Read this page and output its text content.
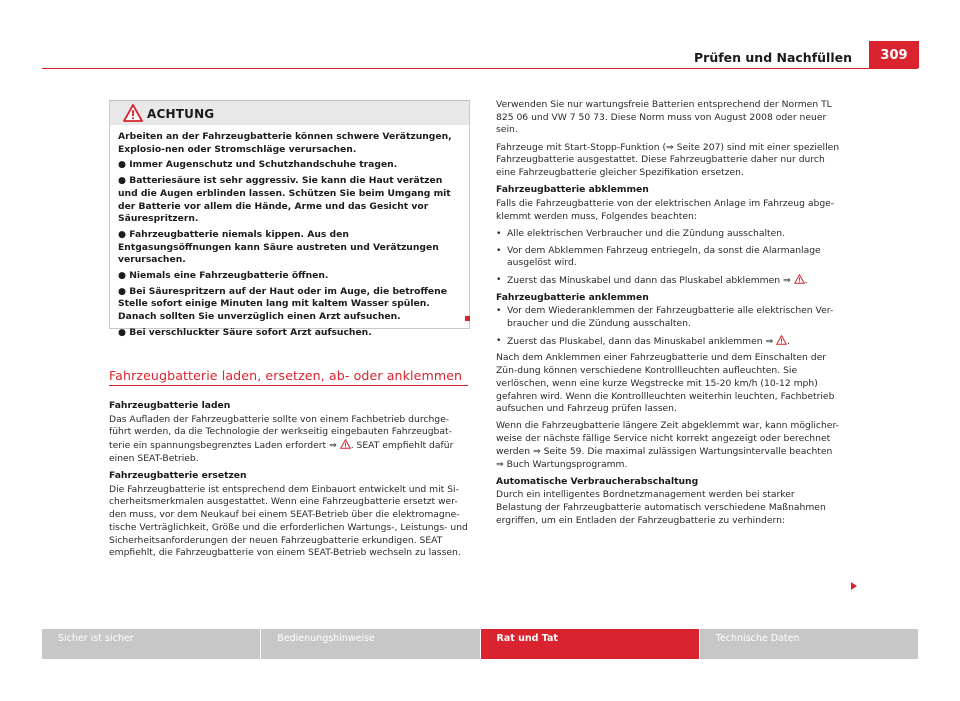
Prüfen und Nachfüllen	309
ACHTUNG

Arbeiten an der Fahrzeugbatterie können schwere Verätzungen, Explosio-nen oder Stromschläge verursachen.

● Immer Augenschutz und Schutzhandschuhe tragen.

● Batteriesäure ist sehr aggressiv. Sie kann die Haut verätzen und die Augen erblinden lassen. Schützen Sie beim Umgang mit der Batterie vor allem die Hände, Arme und das Gesicht vor Säurespritzern.

● Fahrzeugbatterie niemals kippen. Aus den Entgasungsöffnungen kann Säure austreten und Verätzungen verursachen.

● Niemals eine Fahrzeugbatterie öffnen.

● Bei Säurespritzern auf der Haut oder im Auge, die betroffene Stelle sofort einige Minuten lang mit kaltem Wasser spülen. Danach sollten Sie unverzüglich einen Arzt aufsuchen.

● Bei verschluckter Säure sofort Arzt aufsuchen.

Fahrzeugbatterie laden, ersetzen, ab- oder anklemmen

Fahrzeugbatterie laden

Das Aufladen der Fahrzeugbatterie sollte von einem Fachbetrieb durchge-führt werden, da die Technologie der werkseitig eingebauten Fahrzeugbat-terie ein spannungsbegrenztes Laden erfordert ⇒ . SEAT empfiehlt dafür einen SEAT-Betrieb.

Fahrzeugbatterie ersetzen

Die Fahrzeugbatterie ist entsprechend dem Einbauort entwickelt und mit Si-cherheitsmerkmalen ausgestattet. Wenn eine Fahrzeugbatterie ersetzt wer-den muss, vor dem Neukauf bei einem SEAT-Betrieb über die elektromagne-tische Verträglichkeit, Größe und die erforderlichen Wartungs-, Leistungs- und Sicherheitsanforderungen der neuen Fahrzeugbatterie erkundigen. SEAT empfiehlt, die Fahrzeugbatterie von einem SEAT-Betrieb wechseln zu lassen.

Verwenden Sie nur wartungsfreie Batterien entsprechend der Normen TL 825 06 und VW 7 50 73. Diese Norm muss von August 2008 oder neuer sein.

Fahrzeuge mit Start-Stopp-Funktion (⇒ Seite 207) sind mit einer speziellen Fahrzeugbatterie ausgestattet. Diese Fahrzeugbatterie daher nur durch eine Fahrzeugbatterie gleicher Spezifikation ersetzen.

Fahrzeugbatterie abklemmen

Falls die Fahrzeugbatterie von der elektrischen Anlage im Fahrzeug abge-klemmt werden muss, Folgendes beachten:

• Alle elektrischen Verbraucher und die Zündung ausschalten.

• Vor dem Abklemmen Fahrzeug entriegeln, da sonst die Alarmanlage ausgelöst wird.

• Zuerst das Minuskabel und dann das Pluskabel abklemmen ⇒ .

Fahrzeugbatterie anklemmen

• Vor dem Wiederanklemmen der Fahrzeugbatterie alle elektrischen Ver-braucher und die Zündung ausschalten.

• Zuerst das Pluskabel, dann das Minuskabel anklemmen ⇒ .

Nach dem Anklemmen einer Fahrzeugbatterie und dem Einschalten der Zün-dung können verschiedene Kontrollleuchten aufleuchten. Sie verlöschen, wenn eine kurze Wegstrecke mit 15-20 km/h (10-12 mph) gefahren wird. Wenn die Kontrollleuchten weiterhin leuchten, Fachbetrieb aufsuchen und Fahrzeug prüfen lassen.

Wenn die Fahrzeugbatterie längere Zeit abgeklemmt war, kann möglicher-weise der nächste fällige Service nicht korrekt angezeigt oder berechnet werden ⇒ Seite 59. Die maximal zulässigen Wartungsintervalle beachten ⇒ Buch Wartungsprogramm.

Automatische Verbraucherabschaltung

Durch ein intelligentes Bordnetzmanagement werden bei starker Belastung der Fahrzeugbatterie automatisch verschiedene Maßnahmen ergriffen, um ein Entladen der Fahrzeugbatterie zu verhindern:

Sicher ist sicher	Bedienungshinweise	Rat und Tat	Technische Daten
